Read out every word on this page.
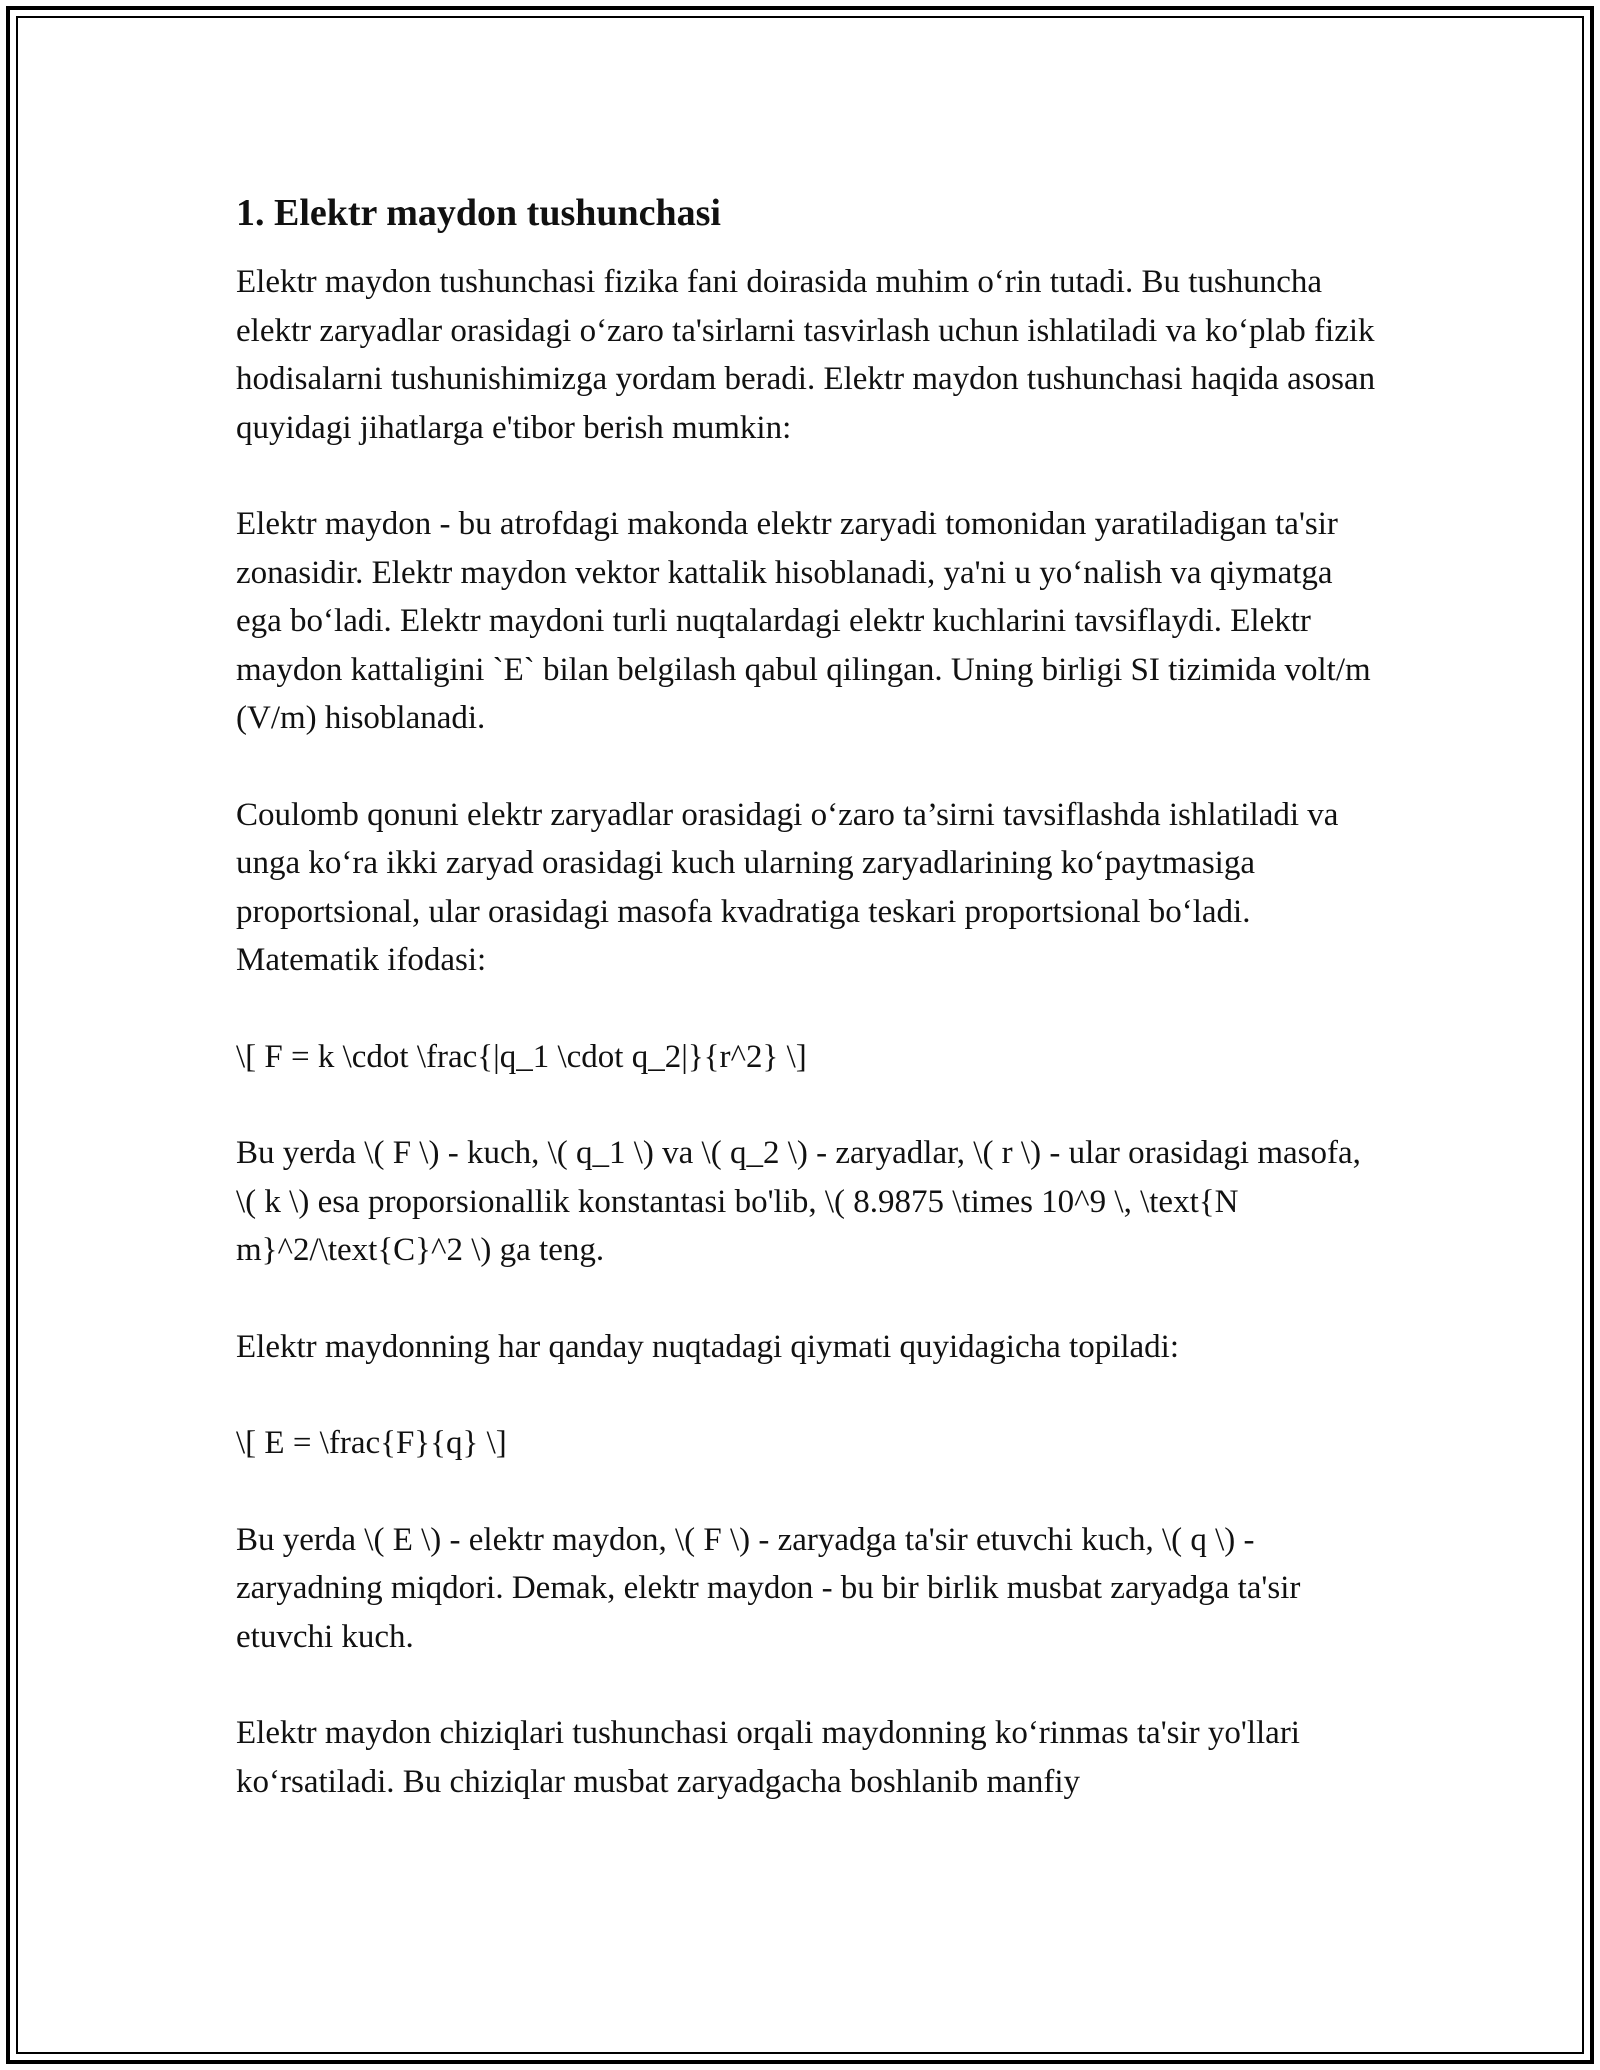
1. Elektr maydon tushunchasi

Elektr maydon tushunchasi fizika fani doirasida muhim o‘rin tutadi. Bu tushuncha elektr zaryadlar orasidagi o‘zaro ta'sirlarni tasvirlash uchun ishlatiladi va ko‘plab fizik hodisalarni tushunishimizga yordam beradi. Elektr maydon tushunchasi haqida asosan quyidagi jihatlarga e'tibor berish mumkin:

Elektr maydon - bu atrofdagi makonda elektr zaryadi tomonidan yaratiladigan ta'sir zonasidir. Elektr maydon vektor kattalik hisoblanadi, ya'ni u yo‘nalish va qiymatga ega bo‘ladi. Elektr maydoni turli nuqtalardagi elektr kuchlarini tavsiflaydi. Elektr maydon kattaligini `E` bilan belgilash qabul qilingan. Uning birligi SI tizimida volt/m (V/m) hisoblanadi.

Coulomb qonuni elektr zaryadlar orasidagi o‘zaro ta’sirni tavsiflashda ishlatiladi va unga ko‘ra ikki zaryad orasidagi kuch ularning zaryadlarining ko‘paytmasiga proportsional, ular orasidagi masofa kvadratiga teskari proportsional bo‘ladi. Matematik ifodasi:

\[ F = k \cdot \frac{|q_1 \cdot q_2|}{r^2} \]

Bu yerda \( F \) - kuch, \( q_1 \) va \( q_2 \) - zaryadlar, \( r \) - ular orasidagi masofa, \( k \) esa proporsionallik konstantasi bo'lib, \( 8.9875 \times 10^9 \, \text{N m}^2/\text{C}^2 \) ga teng.

Elektr maydonning har qanday nuqtadagi qiymati quyidagicha topiladi:

\[ E = \frac{F}{q} \]

Bu yerda \( E \) - elektr maydon, \( F \) - zaryadga ta'sir etuvchi kuch, \( q \) - zaryadning miqdori. Demak, elektr maydon - bu bir birlik musbat zaryadga ta'sir etuvchi kuch.

Elektr maydon chiziqlari tushunchasi orqali maydonning ko‘rinmas ta'sir yo'llari ko‘rsatiladi. Bu chiziqlar musbat zaryadgacha boshlanib manfiy
